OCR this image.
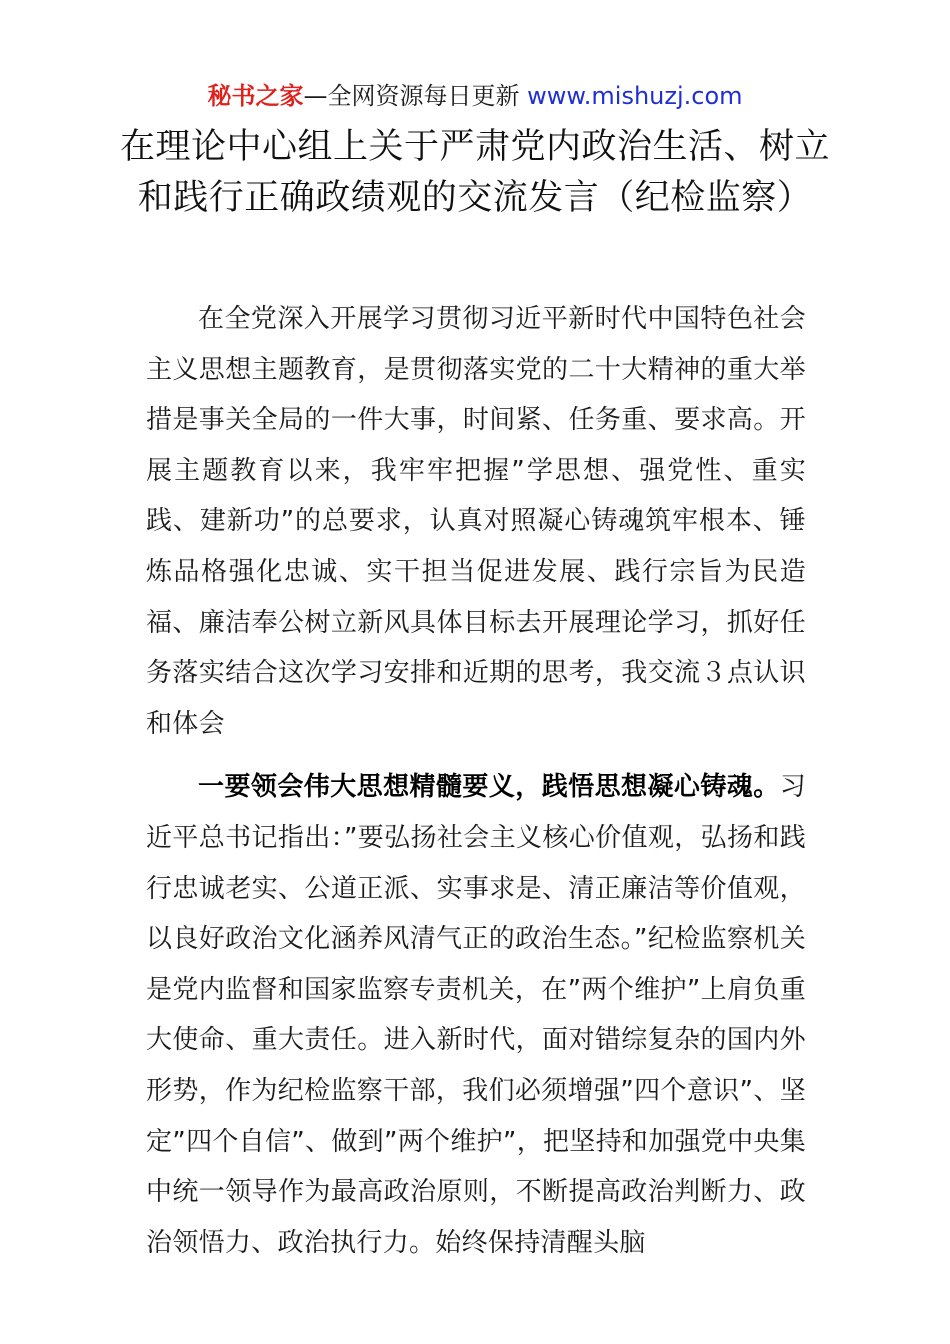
秘书之家—全网资源每日更新 www.mishuzj.com
在理论中心组上关于严肃党内政治生活、树立和践行正确政绩观的交流发言（纪检监察）

在全党深入开展学习贯彻习近平新时代中国特色社会主义思想主题教育，是贯彻落实党的二十大精神的重大举措是事关全局的一件大事，时间紧、任务重、要求高。开展主题教育以来，我牢牢把握”学思想、强党性、重实践、建新功”的总要求，认真对照凝心铸魂筑牢根本、锤炼品格强化忠诚、实干担当促进发展、践行宗旨为民造福、廉洁奉公树立新风具体目标去开展理论学习，抓好任务落实结合这次学习安排和近期的思考，我交流３点认识和体会

一要领会伟大思想精髓要义，践悟思想凝心铸魂。习近平总书记指出：”要弘扬社会主义核心价值观，弘扬和践行忠诚老实、公道正派、实事求是、清正廉洁等价值观，以良好政治文化涵养风清气正的政治生态。”纪检监察机关是党内监督和国家监察专责机关，在”两个维护”上肩负重大使命、重大责任。进入新时代，面对错综复杂的国内外形势，作为纪检监察干部，我们必须增强”四个意识”、坚定”四个自信”、做到”两个维护”，把坚持和加强党中央集中统一领导作为最高政治原则，不断提高政治判断力、政治领悟力、政治执行力。始终保持清醒头脑
